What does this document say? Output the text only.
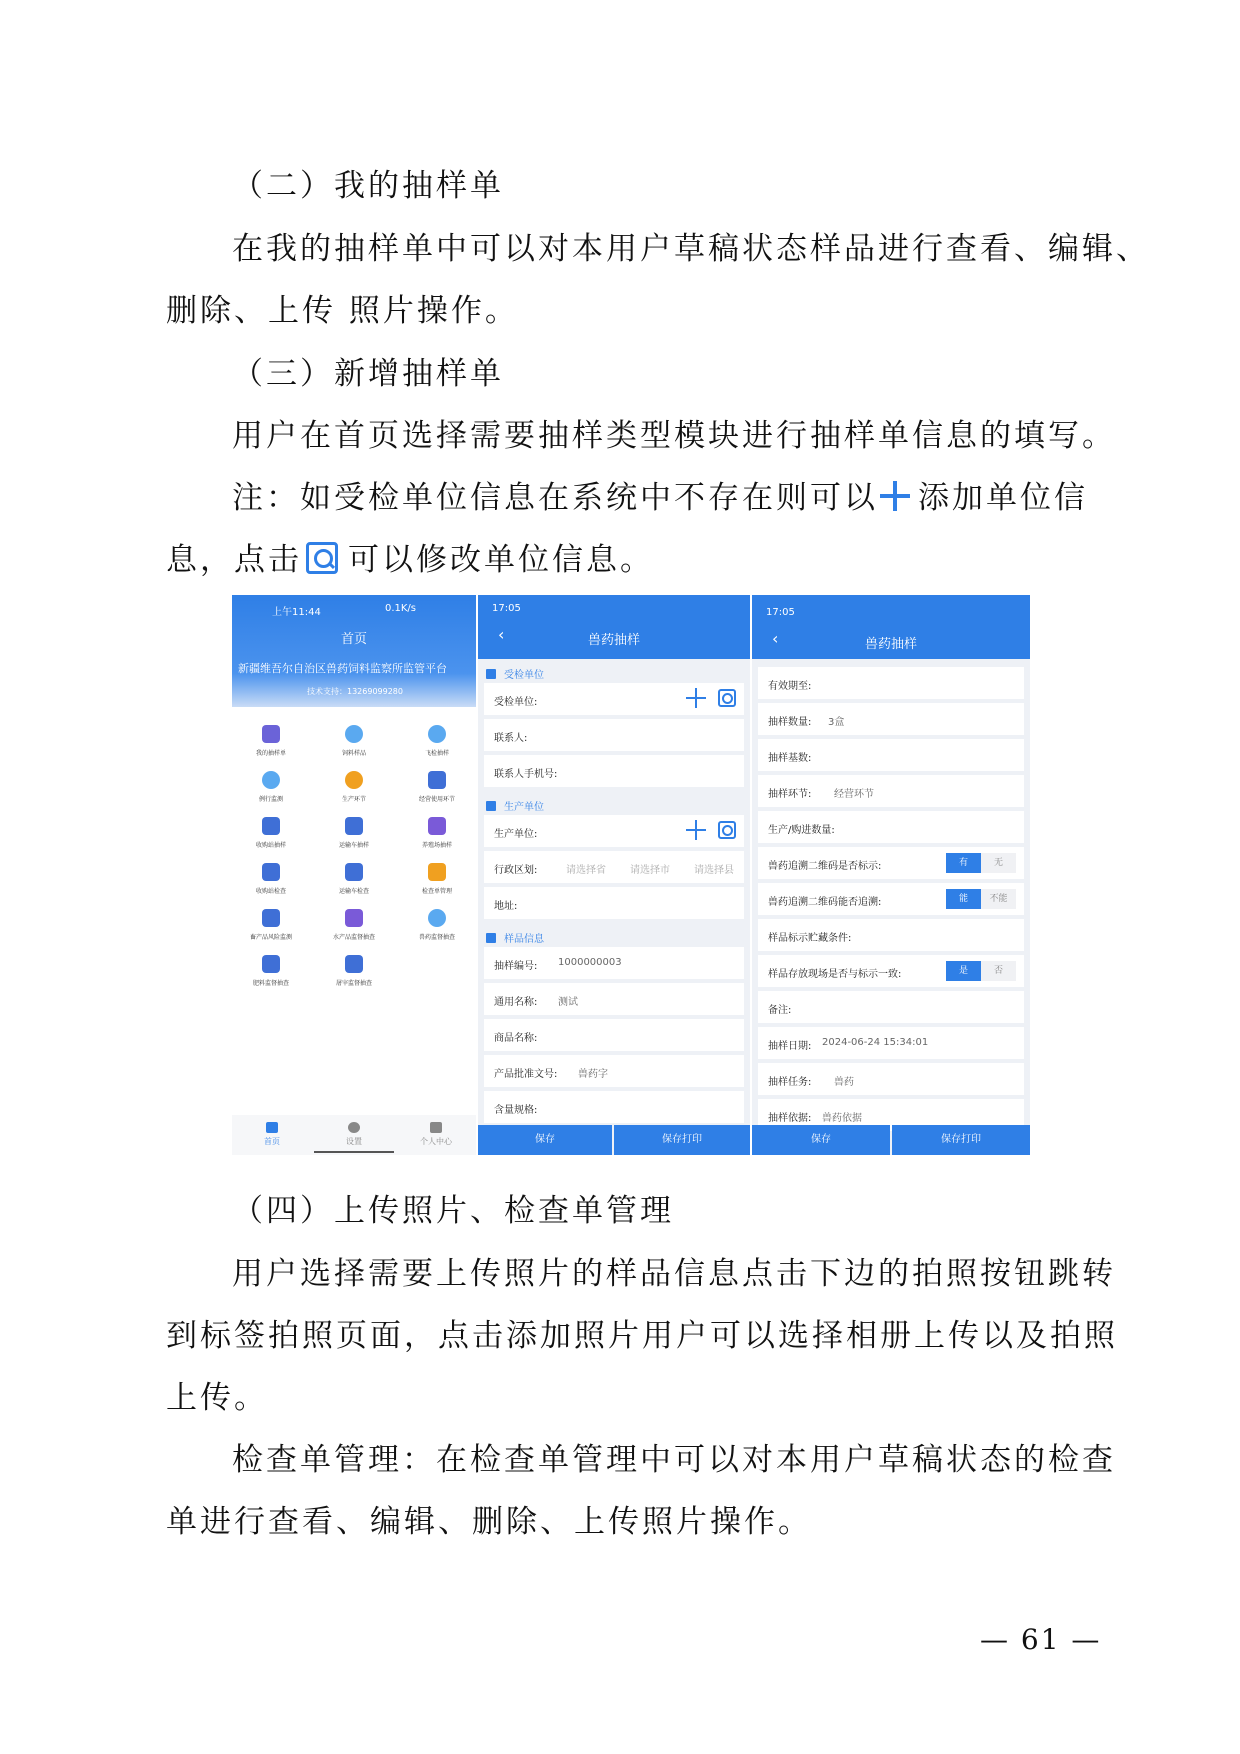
（二）我的抽样单
在我的抽样单中可以对本用户草稿状态样品进行查看、编辑、
删除、上传 照片操作。
（三）新增抽样单
用户在首页选择需要抽样类型模块进行抽样单信息的填写。
注：如受检单位信息在系统中不存在则可以 添加单位信
息，点击 可以修改单位信息。
上午11:44	0.1K/s
首页
新疆维吾尔自治区兽药饲料监察所监管平台
技术支持：13269099280
我的抽样单	饲料样品	飞检抽样
例行监测	生产环节	经营使用环节
收购站抽样	运输车抽样	养殖场抽样
收购站检查	运输车检查	检查单管理
畜产品风险监测	水产品监督抽查	兽药监督抽查
肥料监督抽查	屠宰监督抽查
首页	设置	个人中心
17:05
‹	兽药抽样
受检单位
受检单位:
联系人:
联系人手机号:
生产单位
生产单位:
行政区划:	请选择省 请选择市 请选择县
地址:
样品信息
抽样编号: 1000000003
通用名称: 测试
商品名称:
产品批准文号: 兽药字
含量规格:
保存	保存打印
17:05
‹	兽药抽样
有效期至:
抽样数量: 3盒
抽样基数:
抽样环节: 经营环节
生产/购进数量:
兽药追溯二维码是否标示:	有	无
兽药追溯二维码能否追溯:	能	不能
样品标示贮藏条件:
样品存放现场是否与标示一致:	是	否
备注:
抽样日期: 2024-06-24 15:34:01
抽样任务: 兽药
抽样依据: 兽药依据
保存	保存打印
（四）上传照片、检查单管理
用户选择需要上传照片的样品信息点击下边的拍照按钮跳转
到标签拍照页面，点击添加照片用户可以选择相册上传以及拍照
上传。
检查单管理：在检查单管理中可以对本用户草稿状态的检查
单进行查看、编辑、删除、上传照片操作。
— 61 —
